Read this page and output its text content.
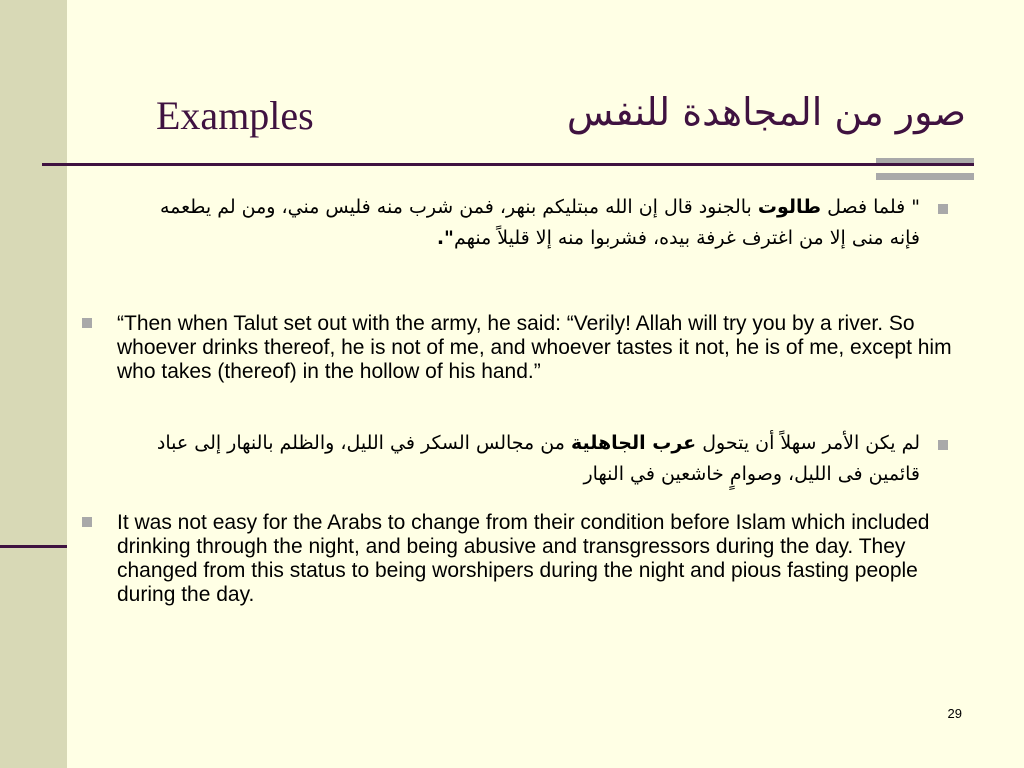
Examples	صور من المجاهدة للنفس
" فلما فصل طالوت بالجنود قال إن الله مبتليكم بنهر، فمن شرب منه فليس مني، ومن لم يطعمه فإنه منى إلا من اغترف غرفة بيده، فشربوا منه إلا قليلاً منهم".
“Then when Talut set out with the army, he said: “Verily! Allah will try you by a river. So whoever drinks thereof, he is not of me, and whoever tastes it not, he is of me, except him who takes (thereof) in the hollow of his hand.”
لم يكن الأمر سهلاً أن يتحول عرب الجاهلية من مجالس السكر في الليل، والظلم بالنهار إلى عباد قائمين فى الليل، وصوامٍ خاشعين في النهار
It was not easy for the Arabs to change from their condition before Islam which included drinking through the night, and being abusive and transgressors during the day. They changed from this status to being worshipers during the night and pious fasting people during the day.
29
